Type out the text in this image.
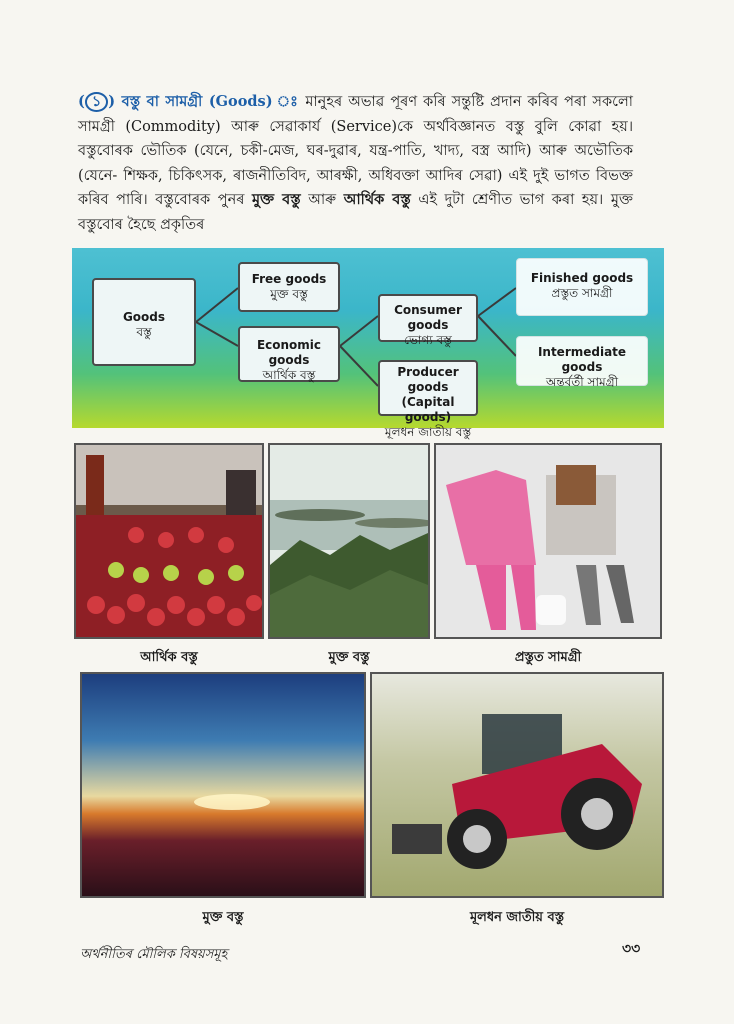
( ১ ) বস্তু বা সামগ্ৰী (Goods) ঃ মানুহৰ অভাৱ পূৰণ কৰি সন্তুষ্টি প্ৰদান কৰিব পৰা সকলো সামগ্ৰী (Commodity) আৰু সেৱাকাৰ্য (Service)কে অৰ্থবিজ্ঞানত বস্তু বুলি কোৱা হয়। বস্তুবোৰক ভৌতিক (যেনে, চকী-মেজ, ঘৰ-দুৱাৰ, যন্ত্ৰ-পাতি, খাদ্য, বস্ত্ৰ আদি) আৰু অভৌতিক (যেনে- শিক্ষক, চিকিৎসক, ৰাজনীতিবিদ, আৰক্ষী, অধিবক্তা আদিৰ সেৱা) এই দুই ভাগত বিভক্ত কৰিব পাৰি। বস্তুবোৰক পুনৰ মুক্ত বস্তু আৰু আৰ্থিক বস্তু এই দুটা শ্ৰেণীত ভাগ কৰা হয়। মুক্ত বস্তুবোৰ হৈছে প্ৰকৃতিৰ
Goods
বস্তু
Free goods
মুক্ত বস্তু
Economic goods
আৰ্থিক বস্তু
Consumer goods
ভোগ্য বস্তু
Producer goods
(Capital goods)
মূলধন জাতীয় বস্তু
Finished goods
প্ৰস্তুত সামগ্ৰী
Intermediate goods
অন্তৰ্বৰ্তী সামগ্ৰী
আৰ্থিক বস্তু	মুক্ত বস্তু	প্ৰস্তুত সামগ্ৰী
মুক্ত বস্তু	মূলধন জাতীয় বস্তু
অৰ্থনীতিৰ মৌলিক বিষয়সমূহ	৩৩
